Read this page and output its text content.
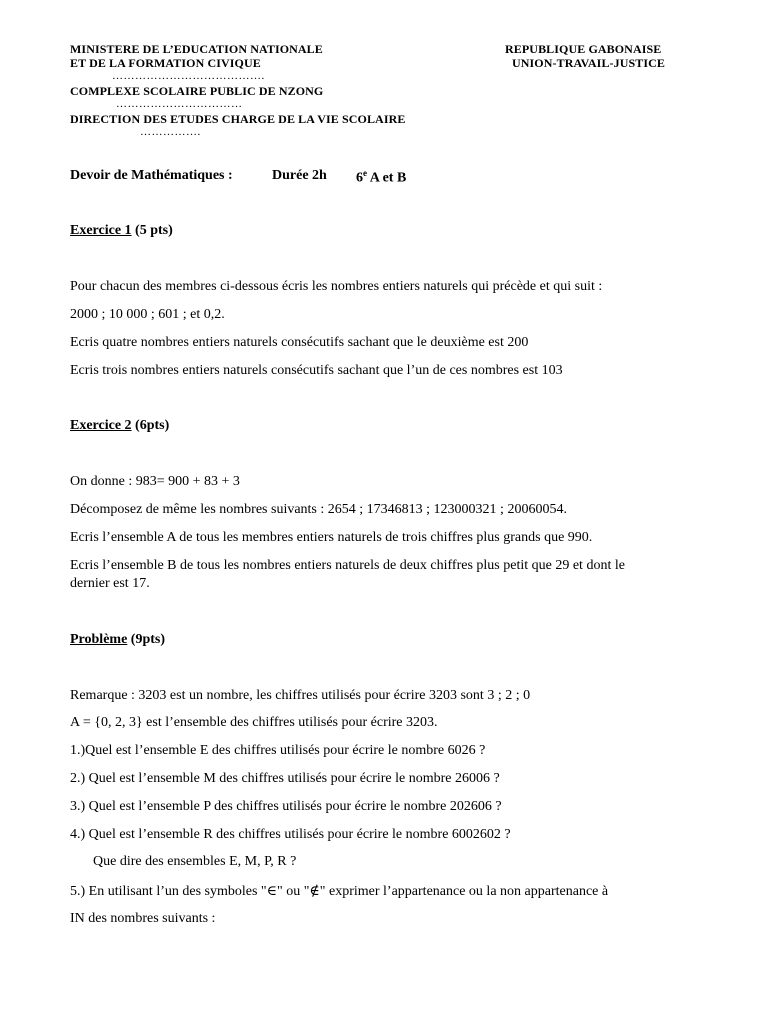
MINISTERE DE L’EDUCATION NATIONALE
ET DE LA FORMATION CIVIQUE
………………………………….
COMPLEXE SCOLAIRE PUBLIC DE NZONG
……………………………
DIRECTION DES ETUDES CHARGE DE LA VIE SCOLAIRE
…………….
REPUBLIQUE GABONAISE
UNION-TRAVAIL-JUSTICE
Devoir de Mathématiques :	Durée 2h 6e A et B
Exercice 1 (5 pts)
Pour chacun des membres ci-dessous écris les nombres entiers naturels qui précède et qui suit :
2000 ; 10 000 ; 601 ; et 0,2.
Ecris quatre nombres entiers naturels consécutifs sachant que le deuxième est 200
Ecris trois nombres entiers naturels consécutifs sachant que l’un de ces nombres est 103
Exercice 2 (6pts)
On donne : 983= 900 + 83 + 3
Décomposez de même les nombres suivants : 2654 ; 17346813 ; 123000321 ; 20060054.
Ecris l’ensemble A de tous les membres entiers naturels de trois chiffres plus grands que 990.
Ecris l’ensemble B de tous les nombres entiers naturels de deux chiffres plus petit que 29 et dont le
dernier est 17.
Problème (9pts)
Remarque : 3203 est un nombre, les chiffres utilisés pour écrire 3203 sont 3 ; 2 ; 0
A = {0, 2, 3} est l’ensemble des chiffres utilisés pour écrire 3203.
1.)Quel est l’ensemble E des chiffres utilisés pour écrire le nombre 6026 ?
2.) Quel est l’ensemble M des chiffres utilisés pour écrire le nombre 26006 ?
3.) Quel est l’ensemble P des chiffres utilisés pour écrire le nombre 202606 ?
4.) Quel est l’ensemble R des chiffres utilisés pour écrire le nombre 6002602 ?
Que dire des ensembles E, M, P, R ?
5.) En utilisant l’un des symboles "∈" ou "∉" exprimer l’appartenance ou la non appartenance à
IN des nombres suivants :
